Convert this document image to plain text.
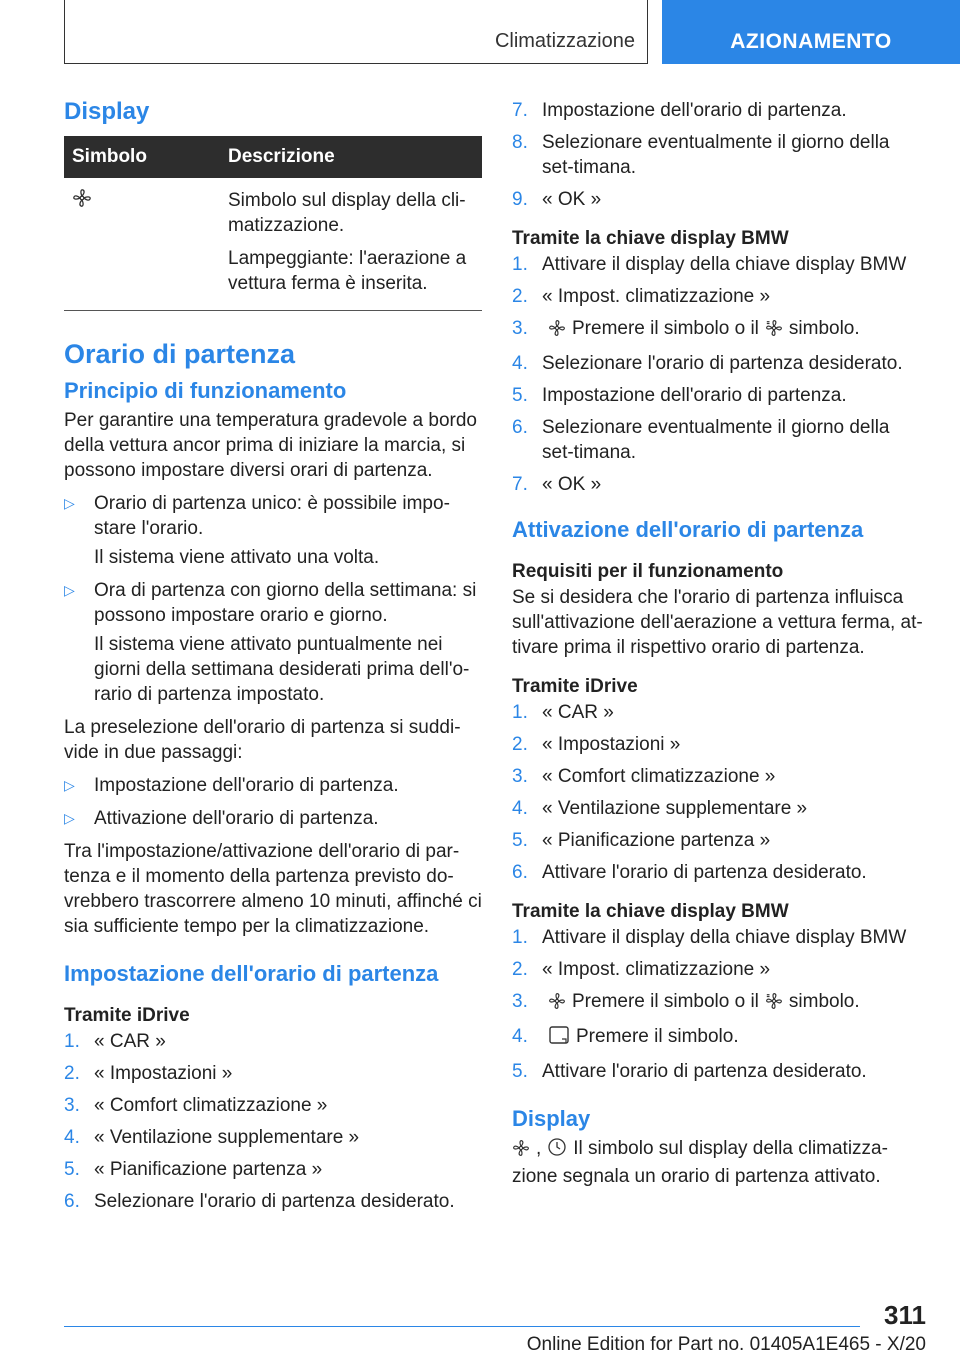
Climatizzazione	AZIONAMENTO
Display
Simbolo	Descrizione

Simbolo sul display della cli-matizzazione.

Lampeggiante: l'aerazione a vettura ferma è inserita.

Orario di partenza
Principio di funzionamento

Per garantire una temperatura gradevole a bordo della vettura ancor prima di iniziare la marcia, si possono impostare diversi orari di partenza.

▷ Orario di partenza unico: è possibile impo-stare l'orario.

Il sistema viene attivato una volta.

▷ Ora di partenza con giorno della settimana: si possono impostare orario e giorno.

Il sistema viene attivato puntualmente nei giorni della settimana desiderati prima dell'o-rario di partenza impostato.

La preselezione dell'orario di partenza si suddi-vide in due passaggi:

▷ Impostazione dell'orario di partenza.
▷ Attivazione dell'orario di partenza.

Tra l'impostazione/attivazione dell'orario di par-tenza e il momento della partenza previsto do-vrebbero trascorrere almeno 10 minuti, affinché ci sia sufficiente tempo per la climatizzazione.

Impostazione dell'orario di partenza
Tramite iDrive
1. « CAR »
2. « Impostazioni »
3. « Comfort climatizzazione »
4. « Ventilazione supplementare »
5. « Pianificazione partenza »
6. Selezionare l'orario di partenza desiderato.
7. Impostazione dell'orario di partenza.
8. Selezionare eventualmente il giorno della set-timana.
9. « OK »
Tramite la chiave display BMW
1. Attivare il display della chiave display BMW
2. « Impost. climatizzazione »
3. Premere il simbolo o il simbolo.
4. Selezionare l'orario di partenza desiderato.
5. Impostazione dell'orario di partenza.
6. Selezionare eventualmente il giorno della set-timana.
7. « OK »
Attivazione dell'orario di partenza
Requisiti per il funzionamento

Se si desidera che l'orario di partenza influisca sull'attivazione dell'aerazione a vettura ferma, at-tivare prima il rispettivo orario di partenza.

Tramite iDrive
1. « CAR »
2. « Impostazioni »
3. « Comfort climatizzazione »
4. « Ventilazione supplementare »
5. « Pianificazione partenza »
6. Attivare l'orario di partenza desiderato.
Tramite la chiave display BMW
1. Attivare il display della chiave display BMW
2. « Impost. climatizzazione »
3. Premere il simbolo o il simbolo.
4.	Premere il simbolo.
5. Attivare l'orario di partenza desiderato.
Display

, Il simbolo sul display della climatizza-zione segnala un orario di partenza attivato.

311
Online Edition for Part no. 01405A1E465 - X/20
